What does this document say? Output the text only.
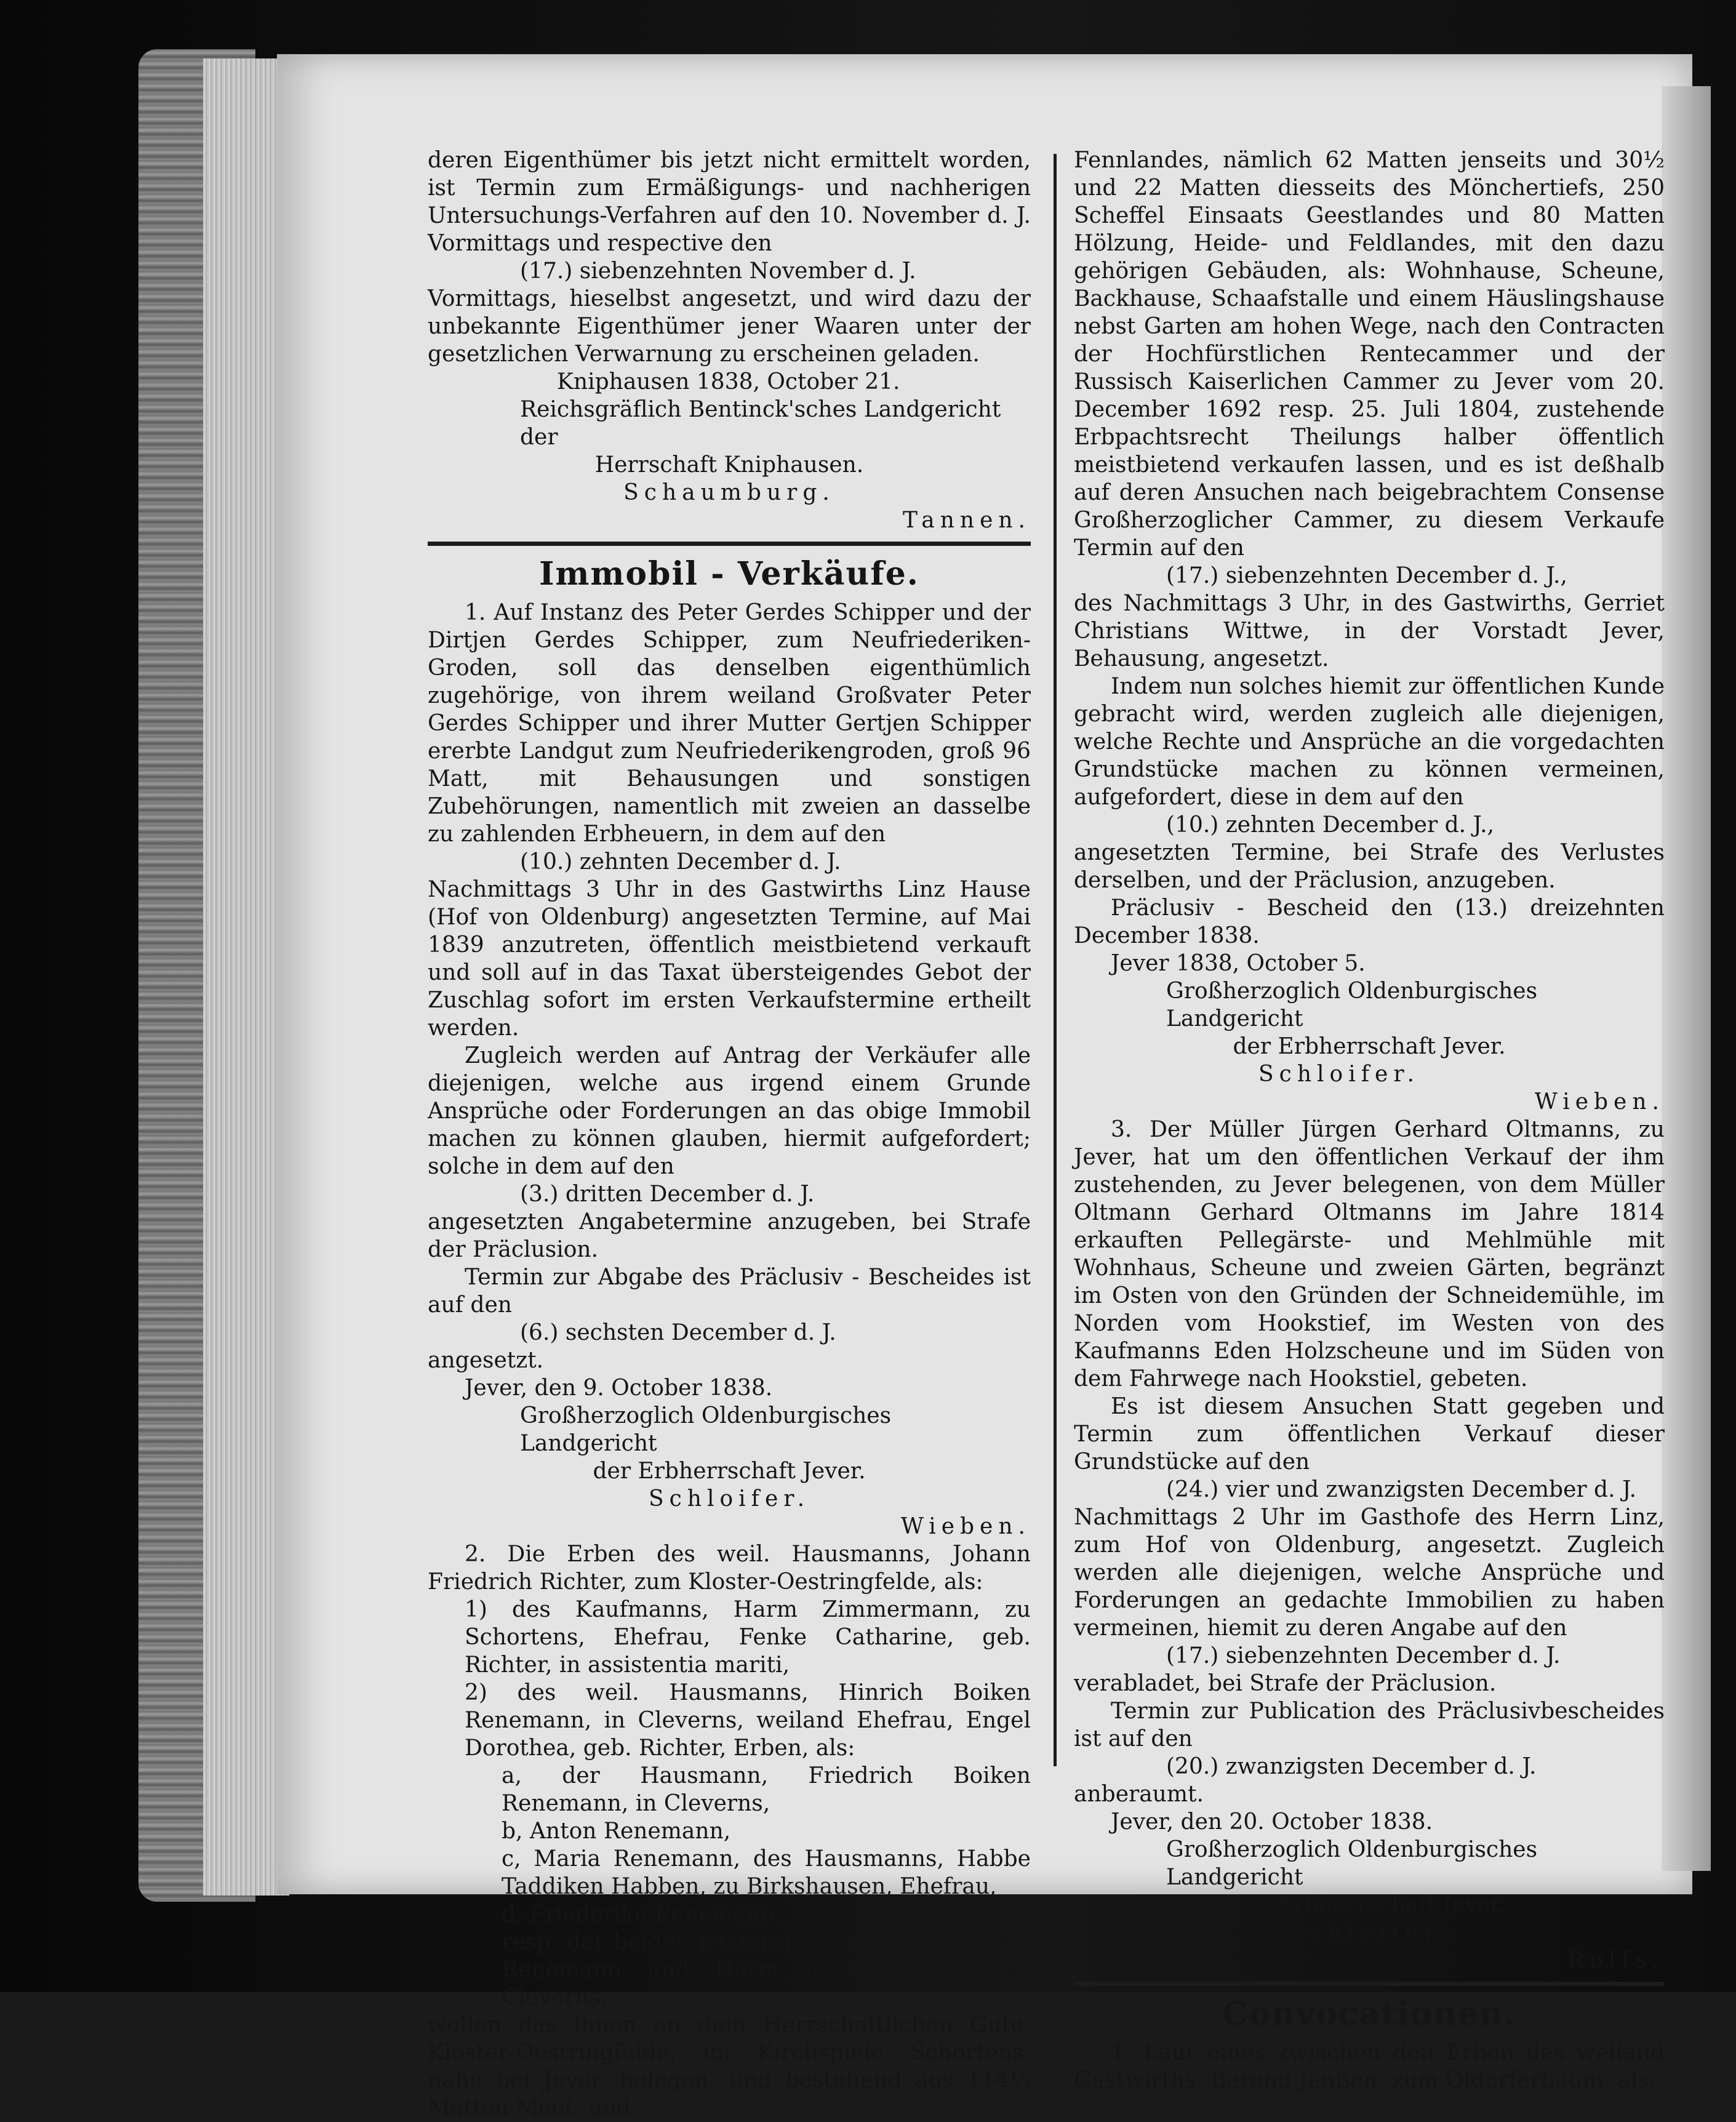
deren Eigenthümer bis jetzt nicht ermittelt worden, ist Termin zum Ermäßigungs- und nachherigen Untersuchungs-Verfahren auf den 10. November d. J. Vormittags und respective den

(17.) siebenzehnten November d. J.

Vormittags, hieselbst angesetzt, und wird dazu der unbekannte Eigenthümer jener Waaren unter der gesetzlichen Verwarnung zu erscheinen geladen.

Kniphausen 1838, October 21.

Reichsgräflich Bentinck'sches Landgericht der

Herrschaft Kniphausen.

Schaumburg.

Tannen.

Immobil - Verkäufe.

1. Auf Instanz des Peter Gerdes Schipper und der Dirtjen Gerdes Schipper, zum Neufriederiken-Groden, soll das denselben eigenthümlich zugehörige, von ihrem weiland Großvater Peter Gerdes Schipper und ihrer Mutter Gertjen Schipper ererbte Landgut zum Neufriederikengroden, groß 96 Matt, mit Behausungen und sonstigen Zubehörungen, namentlich mit zweien an dasselbe zu zahlenden Erbheuern, in dem auf den

(10.) zehnten December d. J.

Nachmittags 3 Uhr in des Gastwirths Linz Hause (Hof von Oldenburg) angesetzten Termine, auf Mai 1839 anzutreten, öffentlich meistbietend verkauft und soll auf in das Taxat übersteigendes Gebot der Zuschlag sofort im ersten Verkaufstermine ertheilt werden.

Zugleich werden auf Antrag der Verkäufer alle diejenigen, welche aus irgend einem Grunde Ansprüche oder Forderungen an das obige Immobil machen zu können glauben, hiermit aufgefordert; solche in dem auf den

(3.) dritten December d. J.

angesetzten Angabetermine anzugeben, bei Strafe der Präclusion.

Termin zur Abgabe des Präclusiv - Bescheides ist auf den

(6.) sechsten December d. J.

angesetzt.

Jever, den 9. October 1838.

Großherzoglich Oldenburgisches Landgericht

der Erbherrschaft Jever.

Schloifer.

Wieben.

2. Die Erben des weil. Hausmanns, Johann Friedrich Richter, zum Kloster-Oestringfelde, als:

1) des Kaufmanns, Harm Zimmermann, zu Schortens, Ehefrau, Fenke Catharine, geb. Richter, in assistentia mariti,

2) des weil. Hausmanns, Hinrich Boiken Renemann, in Cleverns, weiland Ehefrau, Engel Dorothea, geb. Richter, Erben, als:

a, der Hausmann, Friedrich Boiken Renemann, in Cleverns,

b, Anton Renemann,

c, Maria Renemann, des Hausmanns, Habbe Taddiken Habben, zu Birkshausen, Ehefrau,

d, Friederike Renemann,

resp. der beiden letzteren Vormünder: Berend Renemann und Harm Renken Eden, zu Cleverns,

wollen das ihnen an dem Herrschaftlichen Gute, Kloster-Oestringfelde, im Kirchspiele Schortens, nahe bei Jever, belegen, und bestehend aus 114½ Matten Meet- und

Fennlandes, nämlich 62 Matten jenseits und 30½ und 22 Matten diesseits des Mönchertiefs, 250 Scheffel Einsaats Geestlandes und 80 Matten Hölzung, Heide- und Feldlandes, mit den dazu gehörigen Gebäuden, als: Wohnhause, Scheune, Backhause, Schaafstalle und einem Häuslingshause nebst Garten am hohen Wege, nach den Contracten der Hochfürstlichen Rentecammer und der Russisch Kaiserlichen Cammer zu Jever vom 20. December 1692 resp. 25. Juli 1804, zustehende Erbpachtsrecht Theilungs halber öffentlich meistbietend verkaufen lassen, und es ist deßhalb auf deren Ansuchen nach beigebrachtem Consense Großherzoglicher Cammer, zu diesem Verkaufe Termin auf den

(17.) siebenzehnten December d. J.,

des Nachmittags 3 Uhr, in des Gastwirths, Gerriet Christians Wittwe, in der Vorstadt Jever, Behausung, angesetzt.

Indem nun solches hiemit zur öffentlichen Kunde gebracht wird, werden zugleich alle diejenigen, welche Rechte und Ansprüche an die vorgedachten Grundstücke machen zu können vermeinen, aufgefordert, diese in dem auf den

(10.) zehnten December d. J.,

angesetzten Termine, bei Strafe des Verlustes derselben, und der Präclusion, anzugeben.

Präclusiv - Bescheid den (13.) dreizehnten December 1838.

Jever 1838, October 5.

Großherzoglich Oldenburgisches Landgericht

der Erbherrschaft Jever.

Schloifer.

Wieben.

3. Der Müller Jürgen Gerhard Oltmanns, zu Jever, hat um den öffentlichen Verkauf der ihm zustehenden, zu Jever belegenen, von dem Müller Oltmann Gerhard Oltmanns im Jahre 1814 erkauften Pellegärste- und Mehlmühle mit Wohnhaus, Scheune und zweien Gärten, begränzt im Osten von den Gründen der Schneidemühle, im Norden vom Hookstief, im Westen von des Kaufmanns Eden Holzscheune und im Süden von dem Fahrwege nach Hookstiel, gebeten.

Es ist diesem Ansuchen Statt gegeben und Termin zum öffentlichen Verkauf dieser Grundstücke auf den

(24.) vier und zwanzigsten December d. J.

Nachmittags 2 Uhr im Gasthofe des Herrn Linz, zum Hof von Oldenburg, angesetzt. Zugleich werden alle diejenigen, welche Ansprüche und Forderungen an gedachte Immobilien zu haben vermeinen, hiemit zu deren Angabe auf den

(17.) siebenzehnten December d. J.

verabladet, bei Strafe der Präclusion.

Termin zur Publication des Präclusivbescheides ist auf den

(20.) zwanzigsten December d. J.

anberaumt.

Jever, den 20. October 1838.

Großherzoglich Oldenburgisches Landgericht

der Erbherrschaft Jever.

Schloifer.

Rolfs.

Convocationen.

1. Laut eines zwischen den Erben des weiland Gastwirths, Berend Janßen, zum Oldorferbaum, als:
